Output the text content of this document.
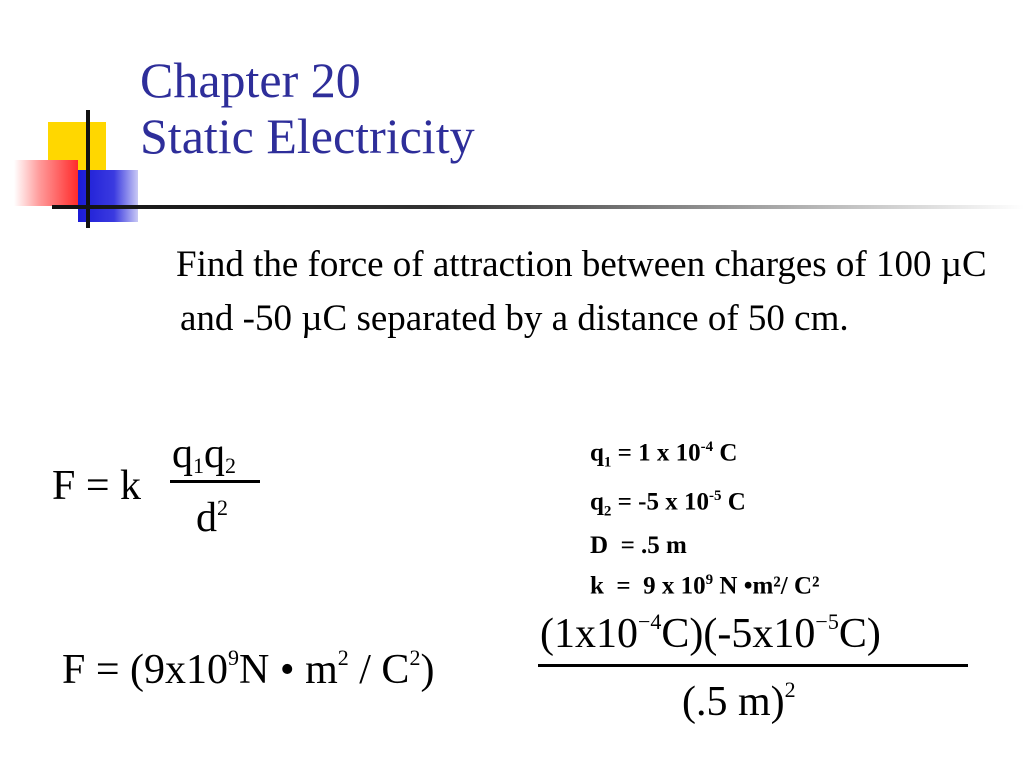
Chapter 20
Static Electricity
Find the force of attraction between charges of 100 µC and -50 µC separated by a distance of 50 cm.
F = k
q1q2
$d^2$
$q_1 = 1$ x $10^{-4}$ C
$q_2 = -5$ x $10^{-5}$ C
D  = .5 m
k  =  9 x $10^9$ N •m²/ C²
$F = (9x10^9N$ • $m^2 / C^2$)
$(1x10^{-4}C)(-5x10^{-5}C)$
(.5 m)$^2$
